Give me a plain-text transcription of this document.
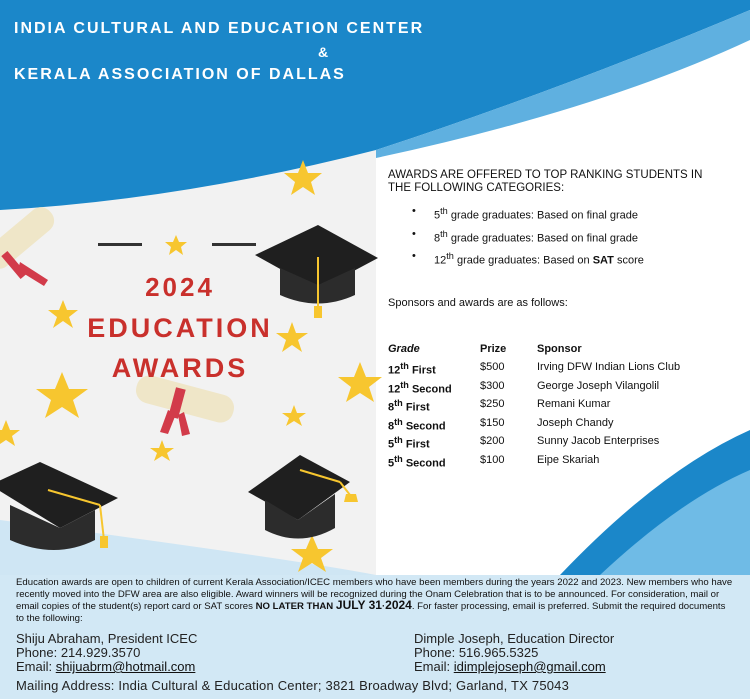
INDIA CULTURAL AND EDUCATION CENTER
&
KERALA ASSOCIATION OF DALLAS
2024
EDUCATION
AWARDS
AWARDS ARE OFFERED TO TOP RANKING STUDENTS IN THE FOLLOWING CATEGORIES:
• 5th grade graduates: Based on final grade
• 8th grade graduates: Based on final grade
• 12th grade graduates: Based on SAT score
Sponsors and awards are as follows:
Grade	Prize	Sponsor
12th First	$500	Irving DFW Indian Lions Club
12th Second	$300	George Joseph Vilangolil
8th First	$250	Remani Kumar
8th Second	$150	Joseph Chandy
5th First	$200	Sunny Jacob Enterprises
5th Second	$100	Eipe Skariah
Education awards are open to children of current Kerala Association/ICEC members who have been members during the years 2022 and 2023. New members who have recently moved into the DFW area are also eligible. Award winners will be recognized during the Onam Celebration that is to be announced. For consideration, mail or email copies of the student(s) report card or SAT scores NO LATER THAN JULY 31·2024. For faster processing, email is preferred. Submit the required documents to the following:
Shiju Abraham, President ICEC
Phone: 214.929.3570
Email: shijuabrm@hotmail.com
Dimple Joseph, Education Director
Phone: 516.965.5325
Email: idimplejoseph@gmail.com
Mailing Address: India Cultural & Education Center; 3821 Broadway Blvd; Garland, TX 75043
